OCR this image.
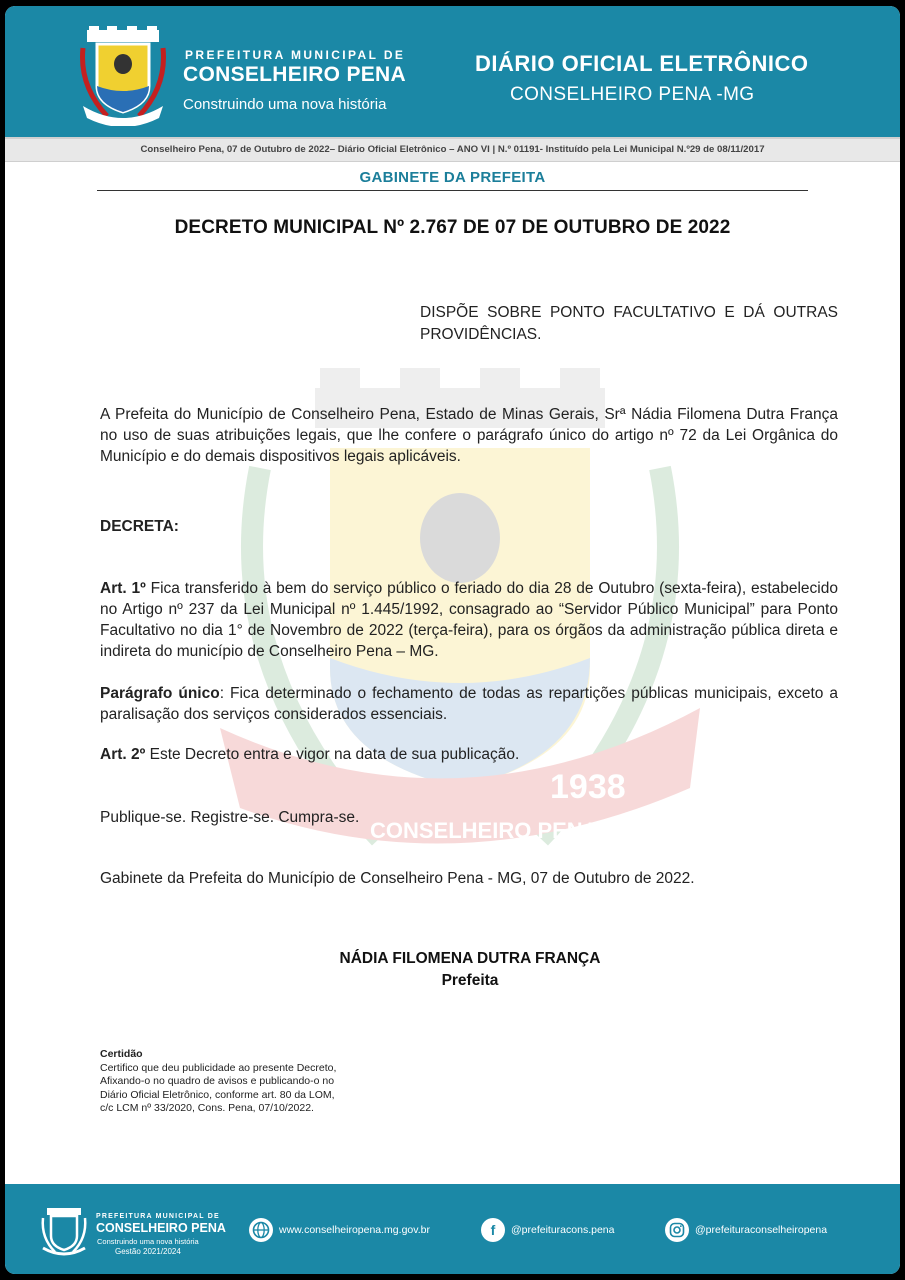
PREFEITURA MUNICIPAL DE
CONSELHEIRO PENA
Construindo uma nova história
DIÁRIO OFICIAL ELETRÔNICO
CONSELHEIRO PENA -MG
Conselheiro Pena, 07 de Outubro de 2022– Diário Oficial Eletrônico – ANO VI | N.º 01191- Instituído pela Lei Municipal N.º29 de 08/11/2017
GABINETE DA PREFEITA
1938
CONSELHEIRO PENA
DECRETO MUNICIPAL Nº 2.767 DE 07 DE OUTUBRO DE 2022
DISPÕE SOBRE PONTO FACULTATIVO E DÁ OUTRAS PROVIDÊNCIAS.
A Prefeita do Município de Conselheiro Pena, Estado de Minas Gerais, Srª Nádia Filomena Dutra França no uso de suas atribuições legais, que lhe confere o parágrafo único do artigo nº 72 da Lei Orgânica do Município e do demais dispositivos legais aplicáveis.
DECRETA:
Art. 1º Fica transferido à bem do serviço público o feriado do dia 28 de Outubro (sexta-feira), estabelecido no Artigo nº 237 da Lei Municipal nº 1.445/1992, consagrado ao “Servidor Público Municipal” para Ponto Facultativo no dia 1° de Novembro de 2022 (terça-feira), para os órgãos da administração pública direta e indireta do município de Conselheiro Pena – MG.
Parágrafo único: Fica determinado o fechamento de todas as repartições públicas municipais, exceto a paralisação dos serviços considerados essenciais.
Art. 2º Este Decreto entra e vigor na data de sua publicação.
Publique-se. Registre-se. Cumpra-se.
Gabinete da Prefeita do Município de Conselheiro Pena - MG, 07 de Outubro de 2022.
NÁDIA FILOMENA DUTRA FRANÇA
Prefeita
Certidão
Certifico que deu publicidade ao presente Decreto,
Afixando-o no quadro de avisos e publicando-o no
Diário Oficial Eletrônico, conforme art. 80 da LOM,
c/c LCM nº 33/2020, Cons. Pena, 07/10/2022.
PREFEITURA MUNICIPAL DE
CONSELHEIRO PENA
Construindo uma nova história
Gestão 2021/2024
www.conselheiropena.mg.gov.br	f	@prefeituracons.pena	@prefeituraconselheiropena
